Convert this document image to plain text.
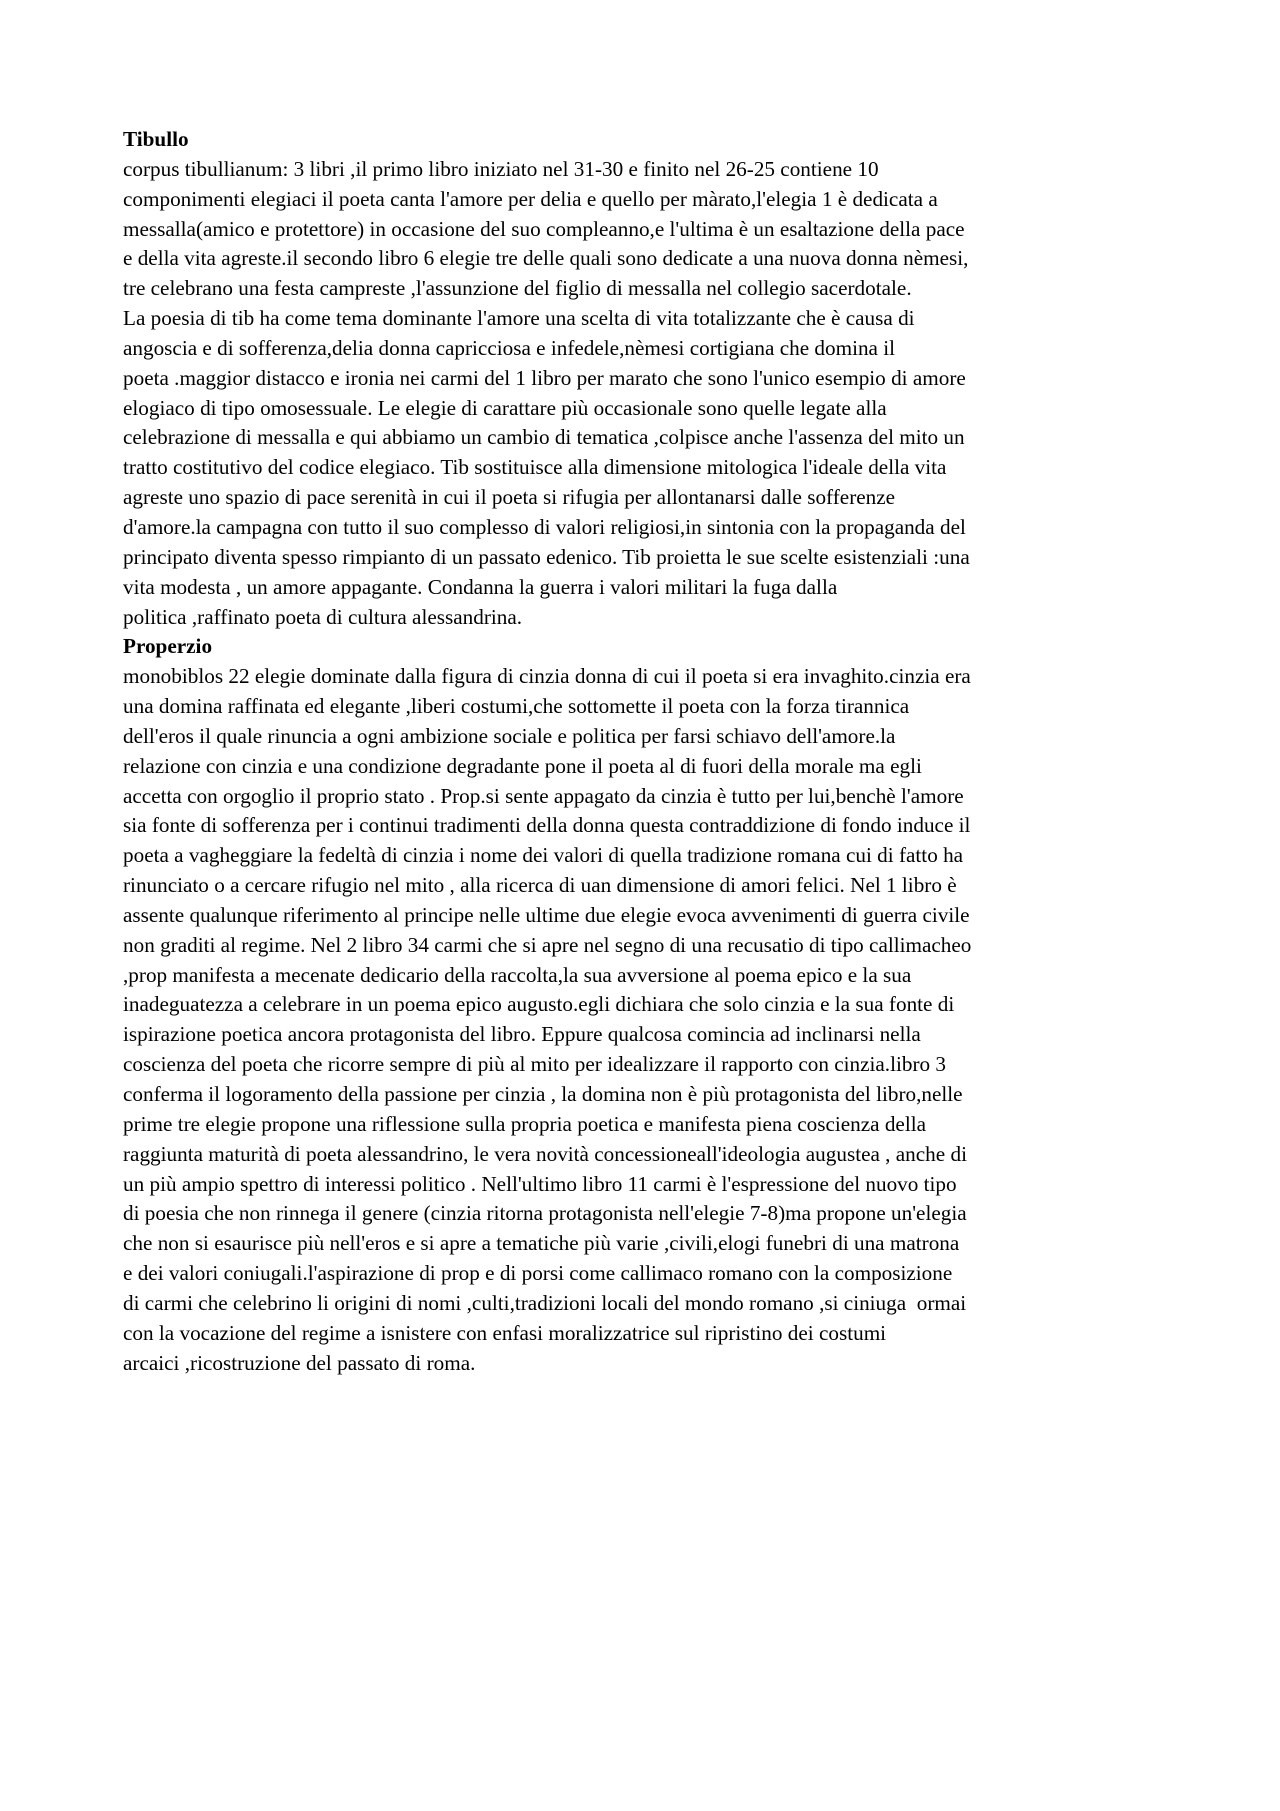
Tibullo
corpus tibullianum: 3 libri ,il primo libro iniziato nel 31-30 e finito nel 26-25 contiene 10
componimenti elegiaci il poeta canta l'amore per delia e quello per màrato,l'elegia 1 è dedicata a
messalla(amico e protettore) in occasione del suo compleanno,e l'ultima è un esaltazione della pace
e della vita agreste.il secondo libro 6 elegie tre delle quali sono dedicate a una nuova donna nèmesi,
tre celebrano una festa campreste ,l'assunzione del figlio di messalla nel collegio sacerdotale.
La poesia di tib ha come tema dominante l'amore una scelta di vita totalizzante che è causa di
angoscia e di sofferenza,delia donna capricciosa e infedele,nèmesi cortigiana che domina il
poeta .maggior distacco e ironia nei carmi del 1 libro per marato che sono l'unico esempio di amore
elogiaco di tipo omosessuale. Le elegie di carattare più occasionale sono quelle legate alla
celebrazione di messalla e qui abbiamo un cambio di tematica ,colpisce anche l'assenza del mito un
tratto costitutivo del codice elegiaco. Tib sostituisce alla dimensione mitologica l'ideale della vita
agreste uno spazio di pace serenità in cui il poeta si rifugia per allontanarsi dalle sofferenze
d'amore.la campagna con tutto il suo complesso di valori religiosi,in sintonia con la propaganda del
principato diventa spesso rimpianto di un passato edenico. Tib proietta le sue scelte esistenziali :una
vita modesta , un amore appagante. Condanna la guerra i valori militari la fuga dalla
politica ,raffinato poeta di cultura alessandrina.
Properzio
monobiblos 22 elegie dominate dalla figura di cinzia donna di cui il poeta si era invaghito.cinzia era
una domina raffinata ed elegante ,liberi costumi,che sottomette il poeta con la forza tirannica
dell'eros il quale rinuncia a ogni ambizione sociale e politica per farsi schiavo dell'amore.la
relazione con cinzia e una condizione degradante pone il poeta al di fuori della morale ma egli
accetta con orgoglio il proprio stato . Prop.si sente appagato da cinzia è tutto per lui,benchè l'amore
sia fonte di sofferenza per i continui tradimenti della donna questa contraddizione di fondo induce il
poeta a vagheggiare la fedeltà di cinzia i nome dei valori di quella tradizione romana cui di fatto ha
rinunciato o a cercare rifugio nel mito , alla ricerca di uan dimensione di amori felici. Nel 1 libro è
assente qualunque riferimento al principe nelle ultime due elegie evoca avvenimenti di guerra civile
non graditi al regime. Nel 2 libro 34 carmi che si apre nel segno di una recusatio di tipo callimacheo
,prop manifesta a mecenate dedicario della raccolta,la sua avversione al poema epico e la sua
inadeguatezza a celebrare in un poema epico augusto.egli dichiara che solo cinzia e la sua fonte di
ispirazione poetica ancora protagonista del libro. Eppure qualcosa comincia ad inclinarsi nella
coscienza del poeta che ricorre sempre di più al mito per idealizzare il rapporto con cinzia.libro 3
conferma il logoramento della passione per cinzia , la domina non è più protagonista del libro,nelle
prime tre elegie propone una riflessione sulla propria poetica e manifesta piena coscienza della
raggiunta maturità di poeta alessandrino, le vera novità concessioneall'ideologia augustea , anche di
un più ampio spettro di interessi politico . Nell'ultimo libro 11 carmi è l'espressione del nuovo tipo
di poesia che non rinnega il genere (cinzia ritorna protagonista nell'elegie 7-8)ma propone un'elegia
che non si esaurisce più nell'eros e si apre a tematiche più varie ,civili,elogi funebri di una matrona
e dei valori coniugali.l'aspirazione di prop e di porsi come callimaco romano con la composizione
di carmi che celebrino li origini di nomi ,culti,tradizioni locali del mondo romano ,si ciniuga  ormai
con la vocazione del regime a isnistere con enfasi moralizzatrice sul ripristino dei costumi
arcaici ,ricostruzione del passato di roma.
